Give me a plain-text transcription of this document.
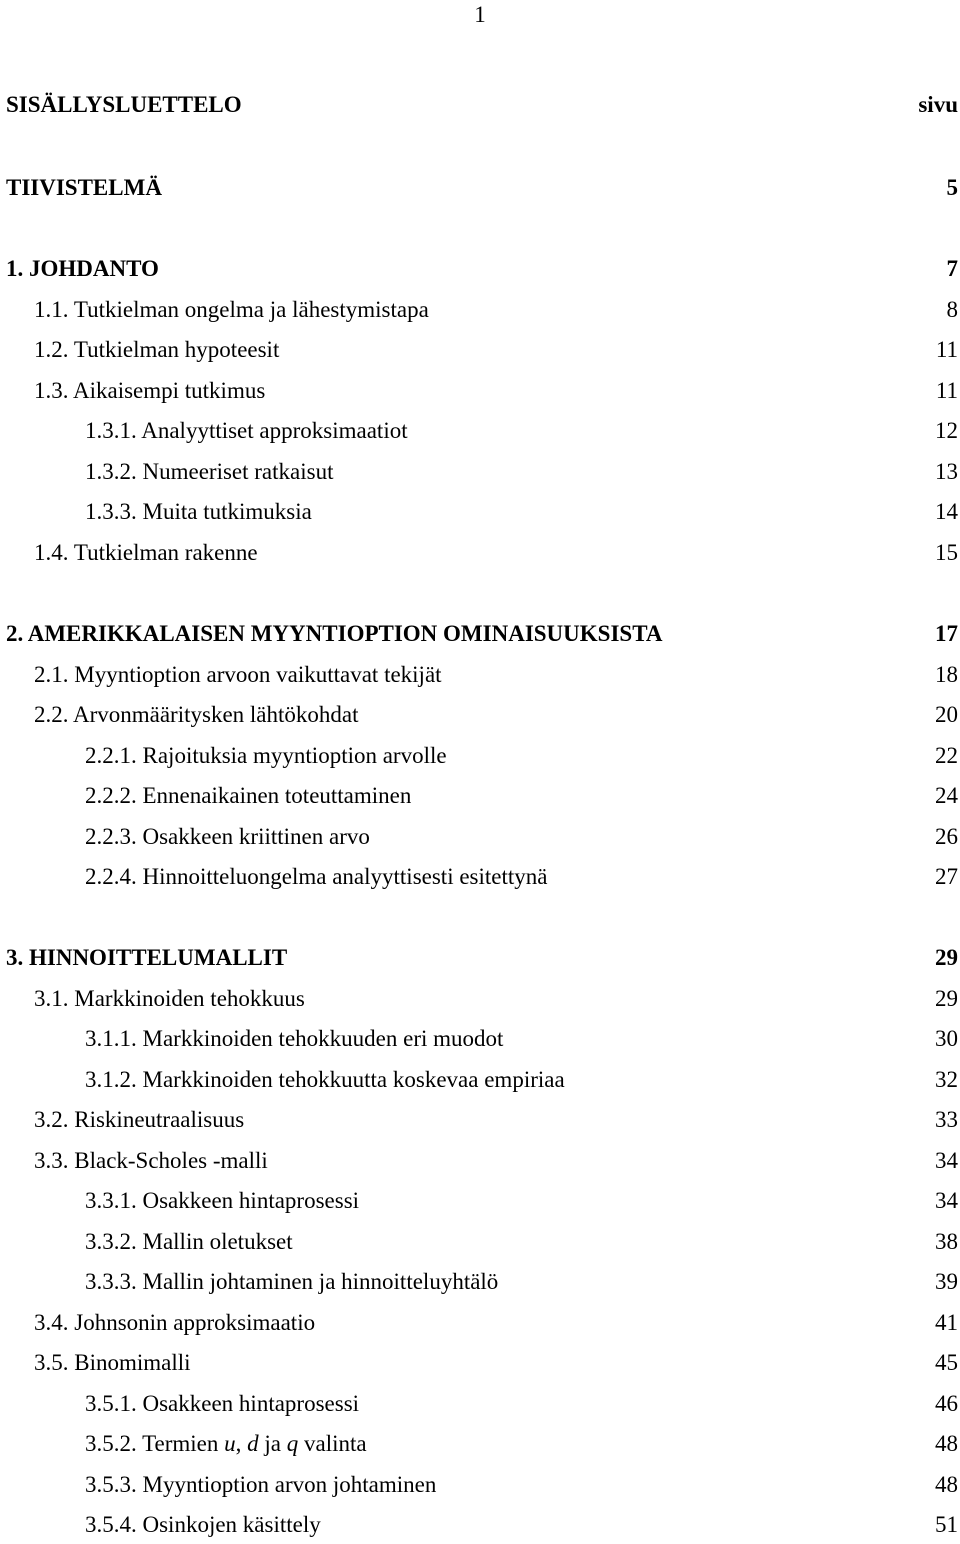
1
SISÄLLYSLUETTELO	sivu
TIIVISTELMÄ	5
1. JOHDANTO	7
1.1. Tutkielman ongelma ja lähestymistapa	8
1.2. Tutkielman hypoteesit	11
1.3. Aikaisempi tutkimus	11
1.3.1. Analyyttiset approksimaatiot	12
1.3.2. Numeeriset ratkaisut	13
1.3.3. Muita tutkimuksia	14
1.4. Tutkielman rakenne	15
2. AMERIKKALAISEN MYYNTIOPTION OMINAISUUKSISTA	17
2.1. Myyntioption arvoon vaikuttavat tekijät	18
2.2. Arvonmääritysken lähtökohdat	20
2.2.1. Rajoituksia myyntioption arvolle	22
2.2.2. Ennenaikainen toteuttaminen	24
2.2.3. Osakkeen kriittinen arvo	26
2.2.4. Hinnoitteluongelma analyyttisesti esitettynä	27
3. HINNOITTELUMALLIT	29
3.1. Markkinoiden tehokkuus	29
3.1.1. Markkinoiden tehokkuuden eri muodot	30
3.1.2. Markkinoiden tehokkuutta koskevaa empiriaa	32
3.2. Riskineutraalisuus	33
3.3. Black-Scholes -malli	34
3.3.1. Osakkeen hintaprosessi	34
3.3.2. Mallin oletukset	38
3.3.3. Mallin johtaminen ja hinnoitteluyhtälö	39
3.4. Johnsonin approksimaatio	41
3.5. Binomimalli	45
3.5.1. Osakkeen hintaprosessi	46
3.5.2. Termien u, d ja q valinta	48
3.5.3. Myyntioption arvon johtaminen	48
3.5.4. Osinkojen käsittely	51
